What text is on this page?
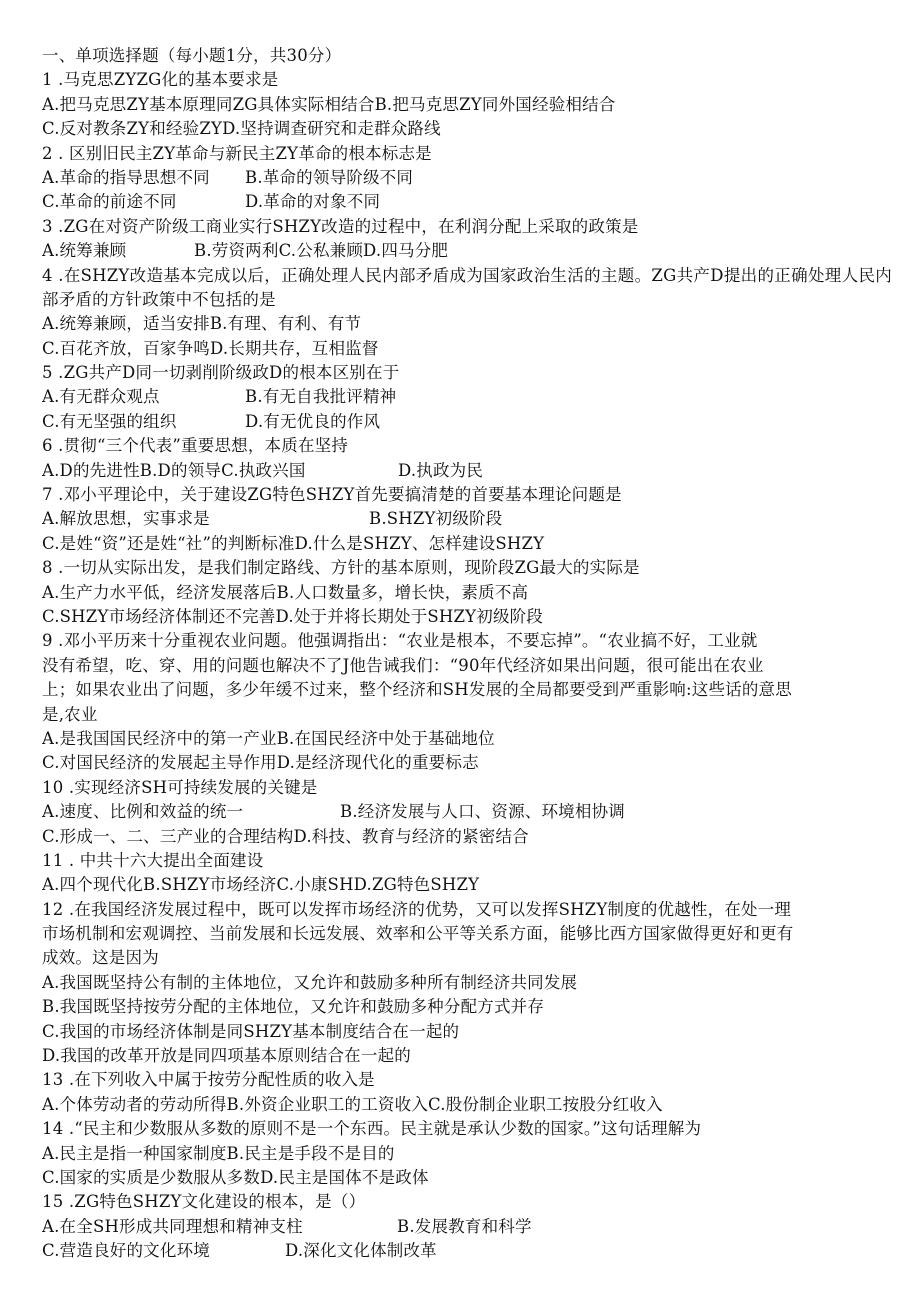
一、单项选择题（每小题1分，共30分）
1 .马克思ZYZG化的基本要求是
A.把马克思ZY基本原理同ZG具体实际相结合B.把马克思ZY同外国经验相结合
C.反对教条ZY和经验ZYD.坚持调查研究和走群众路线
2 . 区别旧民主ZY革命与新民主ZY革命的根本标志是
A.革命的指导思想不同	B.革命的领导阶级不同
C.革命的前途不同	D.革命的对象不同
3 .ZG在对资产阶级工商业实行SHZY改造的过程中，在利润分配上采取的政策是
A.统筹兼顾	B.劳资两利C.公私兼顾D.四马分肥
4 .在SHZY改造基本完成以后，正确处理人民内部矛盾成为国家政治生活的主题。ZG共产D提出的正确处理人民内部矛盾的方针政策中不包括的是
A.统筹兼顾，适当安排B.有理、有利、有节
C.百花齐放，百家争鸣D.长期共存，互相监督
5 .ZG共产D同一切剥削阶级政D的根本区别在于
A.有无群众观点	B.有无自我批评精神
C.有无坚强的组织	D.有无优良的作风
6 .贯彻“三个代表”重要思想，本质在坚持
A.D的先进性B.D的领导C.执政兴国	D.执政为民
7 .邓小平理论中，关于建设ZG特色SHZY首先要搞清楚的首要基本理论问题是
A.解放思想，实事求是	B.SHZY初级阶段
C.是姓“资”还是姓“社”的判断标准D.什么是SHZY、怎样建设SHZY
8 .一切从实际出发，是我们制定路线、方针的基本原则，现阶段ZG最大的实际是
A.生产力水平低，经济发展落后B.人口数量多，增长快，素质不高
C.SHZY市场经济体制还不完善D.处于并将长期处于SHZY初级阶段
9 .邓小平历来十分重视农业问题。他强调指出：“农业是根本，不要忘掉”。“农业搞不好，工业就
没有希望，吃、穿、用的问题也解决不了J他告诫我们：“90年代经济如果出问题，很可能出在农业
上；如果农业出了问题，多少年缓不过来，整个经济和SH发展的全局都要受到严重影响:这些话的意思
是,农业
A.是我国国民经济中的第一产业B.在国民经济中处于基础地位
C.对国民经济的发展起主导作用D.是经济现代化的重要标志
10 .实现经济SH可持续发展的关键是
A.速度、比例和效益的统一	B.经济发展与人口、资源、环境相协调
C.形成一、二、三产业的合理结构D.科技、教育与经济的紧密结合
11 . 中共十六大提出全面建设
A.四个现代化B.SHZY市场经济C.小康SHD.ZG特色SHZY
12 .在我国经济发展过程中，既可以发挥市场经济的优势，又可以发挥SHZY制度的优越性，在处一理
市场机制和宏观调控、当前发展和长远发展、效率和公平等关系方面，能够比西方国家做得更好和更有
成效。这是因为
A.我国既坚持公有制的主体地位，又允许和鼓励多种所有制经济共同发展
B.我国既坚持按劳分配的主体地位，又允许和鼓励多种分配方式并存
C.我国的市场经济体制是同SHZY基本制度结合在一起的
D.我国的改革开放是同四项基本原则结合在一起的
13 .在下列收入中属于按劳分配性质的收入是
A.个体劳动者的劳动所得B.外资企业职工的工资收入C.股份制企业职工按股分红收入
14 .“民主和少数服从多数的原则不是一个东西。民主就是承认少数的国家。”这句话理解为
A.民主是指一种国家制度B.民主是手段不是目的
C.国家的实质是少数服从多数D.民主是国体不是政体
15 .ZG特色SHZY文化建设的根本，是（）
A.在全SH形成共同理想和精神支柱	B.发展教育和科学
C.营造良好的文化环境	D.深化文化体制改革
